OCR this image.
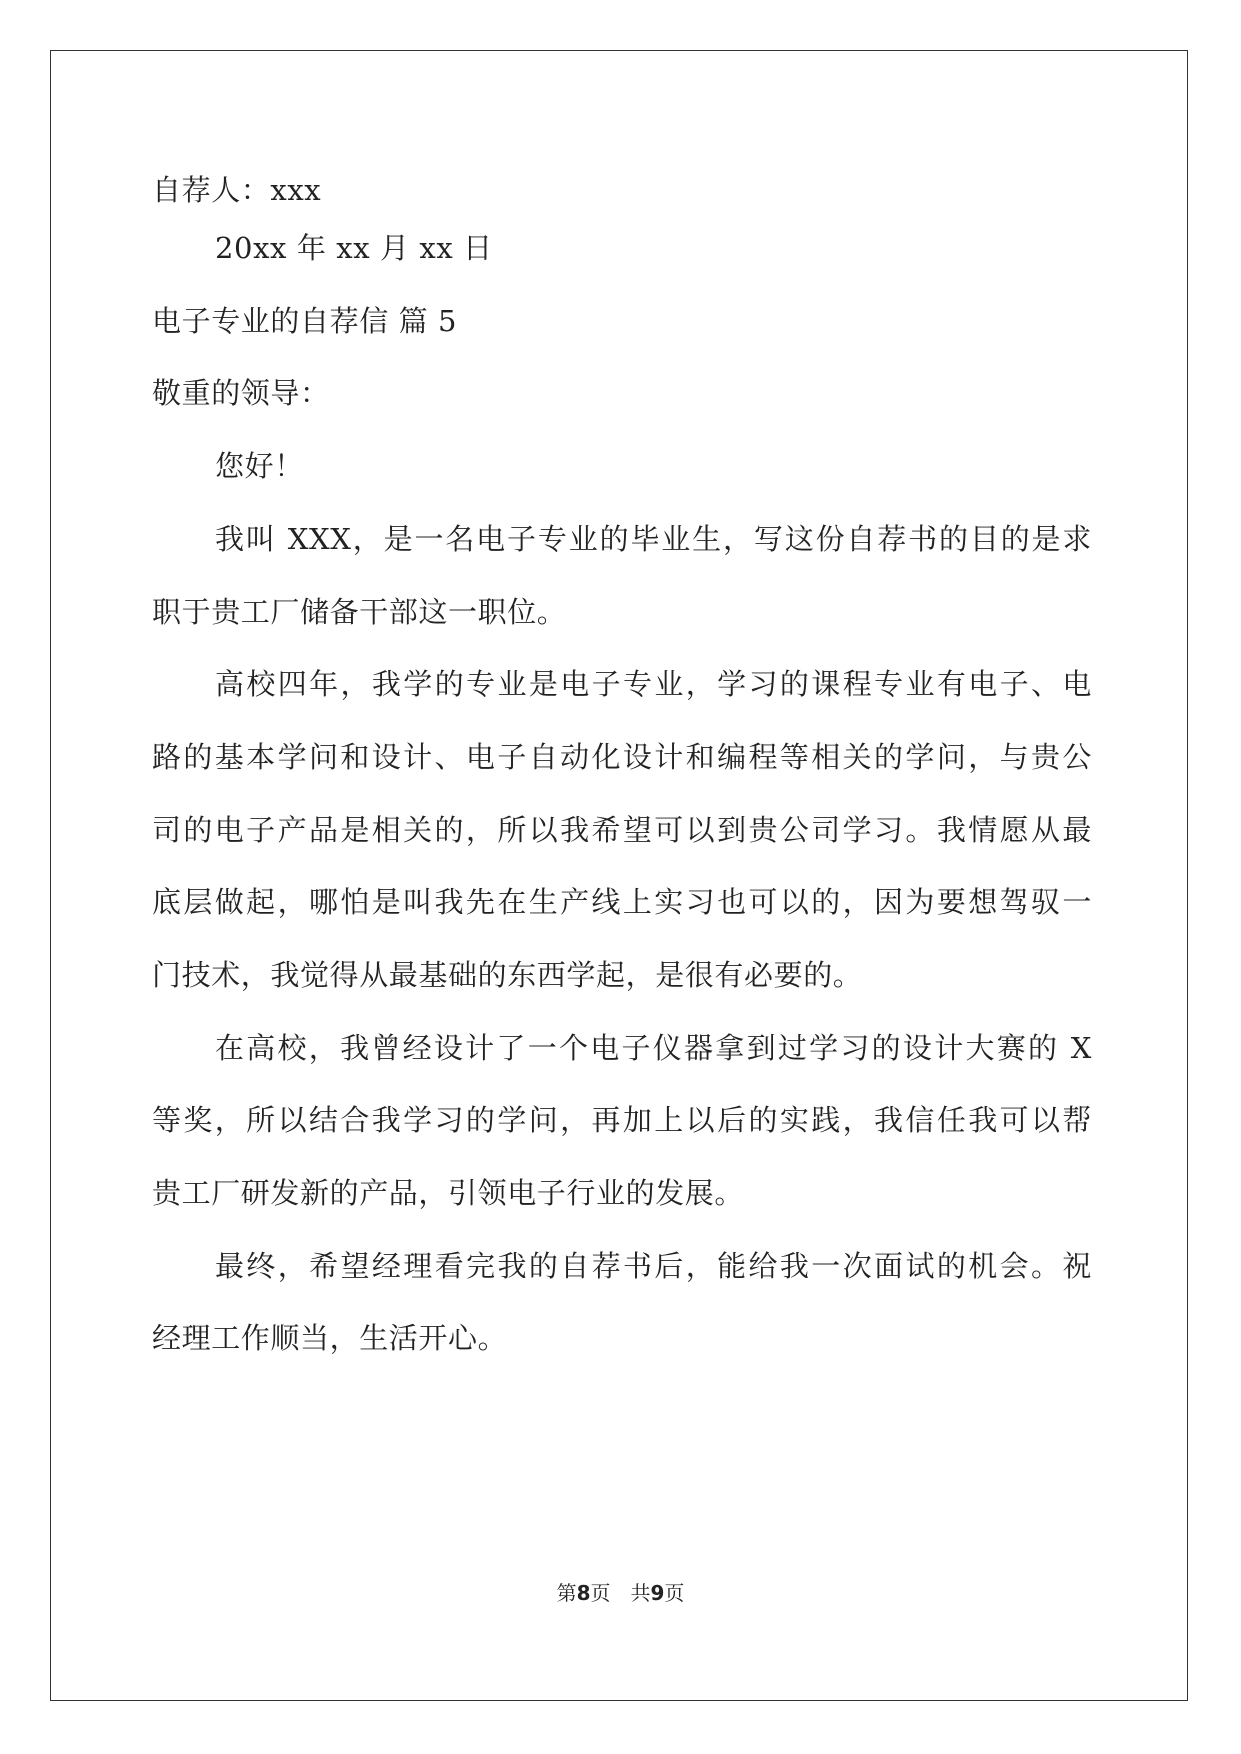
自荐人：xxx
20xx 年 xx 月 xx 日
电子专业的自荐信 篇 5
敬重的领导：
您好！
我叫 XXX，是一名电子专业的毕业生，写这份自荐书的目的是求
职于贵工厂储备干部这一职位。
高校四年，我学的专业是电子专业，学习的课程专业有电子、电
路的基本学问和设计、电子自动化设计和编程等相关的学问，与贵公
司的电子产品是相关的，所以我希望可以到贵公司学习。我情愿从最
底层做起，哪怕是叫我先在生产线上实习也可以的，因为要想驾驭一
门技术，我觉得从最基础的东西学起，是很有必要的。
在高校，我曾经设计了一个电子仪器拿到过学习的设计大赛的 X
等奖，所以结合我学习的学问，再加上以后的实践，我信任我可以帮
贵工厂研发新的产品，引领电子行业的发展。
最终，希望经理看完我的自荐书后，能给我一次面试的机会。祝
经理工作顺当，生活开心。
第8页　共9页
